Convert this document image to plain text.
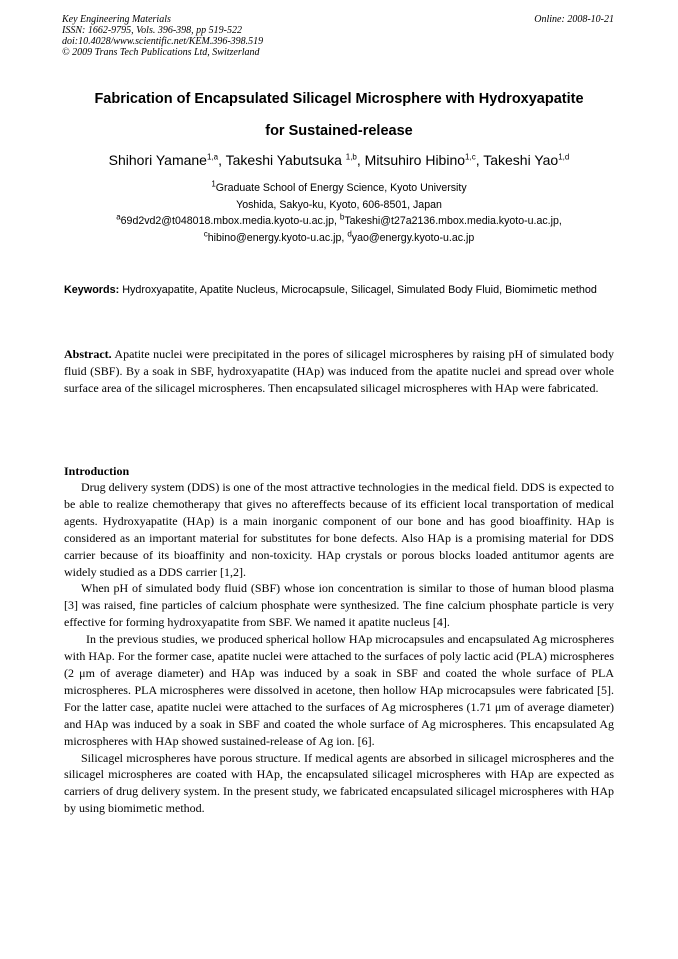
Key Engineering Materials
ISSN: 1662-9795, Vols. 396-398, pp 519-522
doi:10.4028/www.scientific.net/KEM.396-398.519
© 2009 Trans Tech Publications Ltd, Switzerland
Online: 2008-10-21
Fabrication of Encapsulated Silicagel Microsphere with Hydroxyapatite
for Sustained-release
Shihori Yamane$^{1,a}$, Takeshi Yabutsuka $^{1,b}$, Mitsuhiro Hibino$^{1,c}$, Takeshi Yao$^{1,d}$
$^1$Graduate School of Energy Science, Kyoto University
Yoshida, Sakyo-ku, Kyoto, 606-8501, Japan
$^a$69d2vd2@t048018.mbox.media.kyoto-u.ac.jp, $^b$Takeshi@t27a2136.mbox.media.kyoto-u.ac.jp,
$^c$hibino@energy.kyoto-u.ac.jp, $^d$yao@energy.kyoto-u.ac.jp
Keywords: Hydroxyapatite, Apatite Nucleus, Microcapsule, Silicagel, Simulated Body Fluid, Biomimetic method
Abstract. Apatite nuclei were precipitated in the pores of silicagel microspheres by raising pH of simulated body fluid (SBF). By a soak in SBF, hydroxyapatite (HAp) was induced from the apatite nuclei and spread over whole surface area of the silicagel microspheres. Then encapsulated silicagel microspheres with HAp were fabricated.
Introduction

Drug delivery system (DDS) is one of the most attractive technologies in the medical field. DDS is expected to be able to realize chemotherapy that gives no aftereffects because of its efficient local transportation of medical agents. Hydroxyapatite (HAp) is a main inorganic component of our bone and has good bioaffinity. HAp is considered as an important material for substitutes for bone defects. Also HAp is a promising material for DDS carrier because of its bioaffinity and non-toxicity. HAp crystals or porous blocks loaded antitumor agents are widely studied as a DDS carrier [1,2].

When pH of simulated body fluid (SBF) whose ion concentration is similar to those of human blood plasma [3] was raised, fine particles of calcium phosphate were synthesized. The fine calcium phosphate particle is very effective for forming hydroxyapatite from SBF. We named it apatite nucleus [4].

In the previous studies, we produced spherical hollow HAp microcapsules and encapsulated Ag microspheres with HAp. For the former case, apatite nuclei were attached to the surfaces of poly lactic acid (PLA) microspheres (2 μm of average diameter) and HAp was induced by a soak in SBF and coated the whole surface of PLA microspheres. PLA microspheres were dissolved in acetone, then hollow HAp microcapsules were fabricated [5]. For the latter case, apatite nuclei were attached to the surfaces of Ag microspheres (1.71 μm of average diameter) and HAp was induced by a soak in SBF and coated the whole surface of Ag microspheres. This encapsulated Ag microspheres with HAp showed sustained-release of Ag ion. [6].

Silicagel microspheres have porous structure. If medical agents are absorbed in silicagel microspheres and the silicagel microspheres are coated with HAp, the encapsulated silicagel microspheres with HAp are expected as carriers of drug delivery system. In the present study, we fabricated encapsulated silicagel microspheres with HAp by using biomimetic method.
